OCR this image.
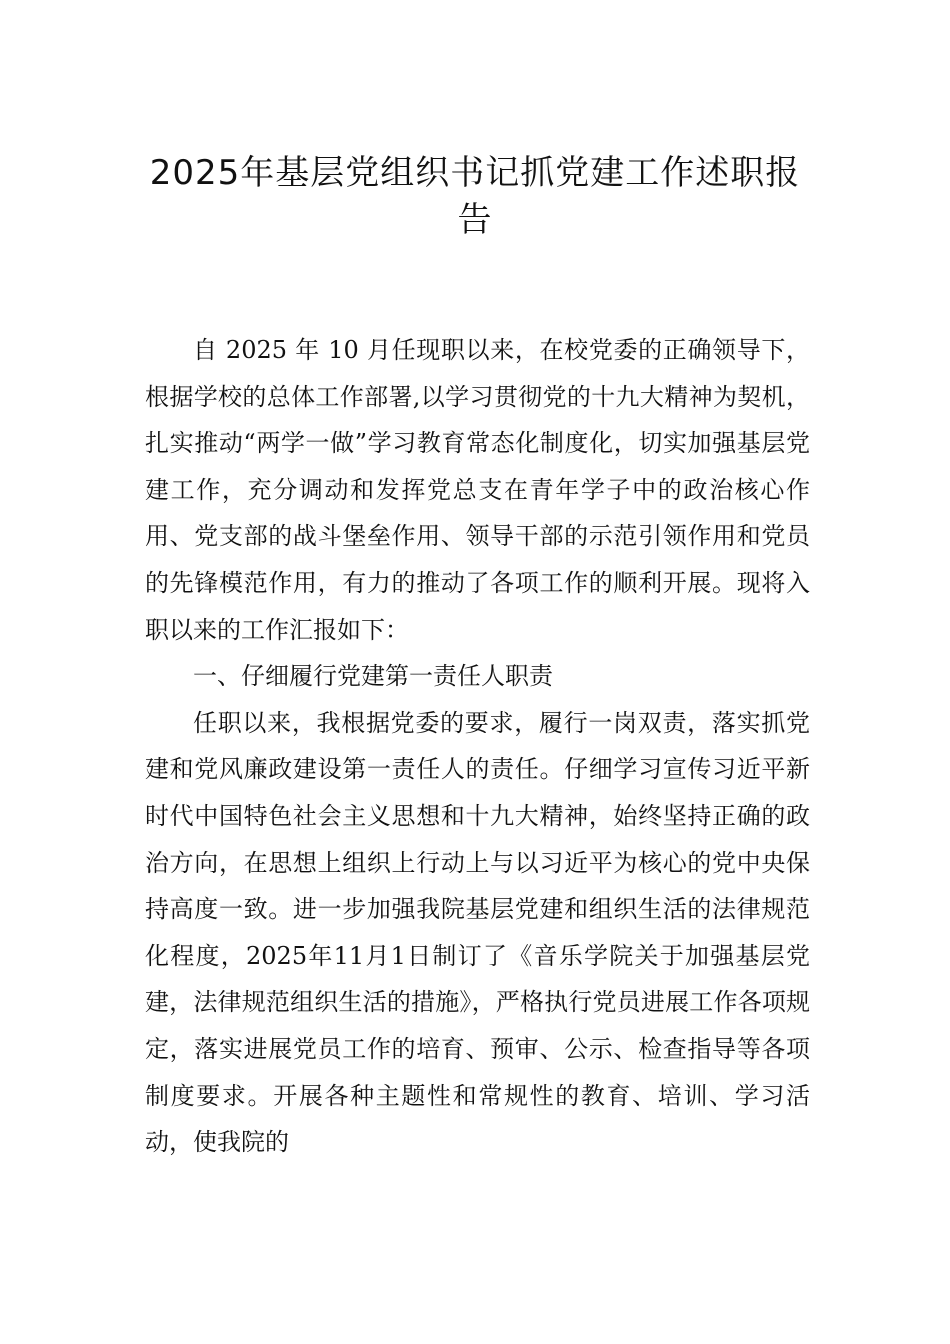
2025年基层党组织书记抓党建工作述职报告

自 2025 年 10 月任现职以来，在校党委的正确领导下，根据学校的总体工作部署,以学习贯彻党的十九大精神为契机，扎实推动“两学一做”学习教育常态化制度化，切实加强基层党建工作，充分调动和发挥党总支在青年学子中的政治核心作用、党支部的战斗堡垒作用、领导干部的示范引领作用和党员的先锋模范作用，有力的推动了各项工作的顺利开展。现将入职以来的工作汇报如下：

一、仔细履行党建第一责任人职责

任职以来，我根据党委的要求，履行一岗双责，落实抓党建和党风廉政建设第一责任人的责任。仔细学习宣传习近平新时代中国特色社会主义思想和十九大精神，始终坚持正确的政治方向，在思想上组织上行动上与以习近平为核心的党中央保持高度一致。进一步加强我院基层党建和组织生活的法律规范化程度，2025年11月1日制订了《音乐学院关于加强基层党建，法律规范组织生活的措施》，严格执行党员进展工作各项规定，落实进展党员工作的培育、预审、公示、检查指导等各项制度要求。开展各种主题性和常规性的教育、培训、学习活动，使我院的
